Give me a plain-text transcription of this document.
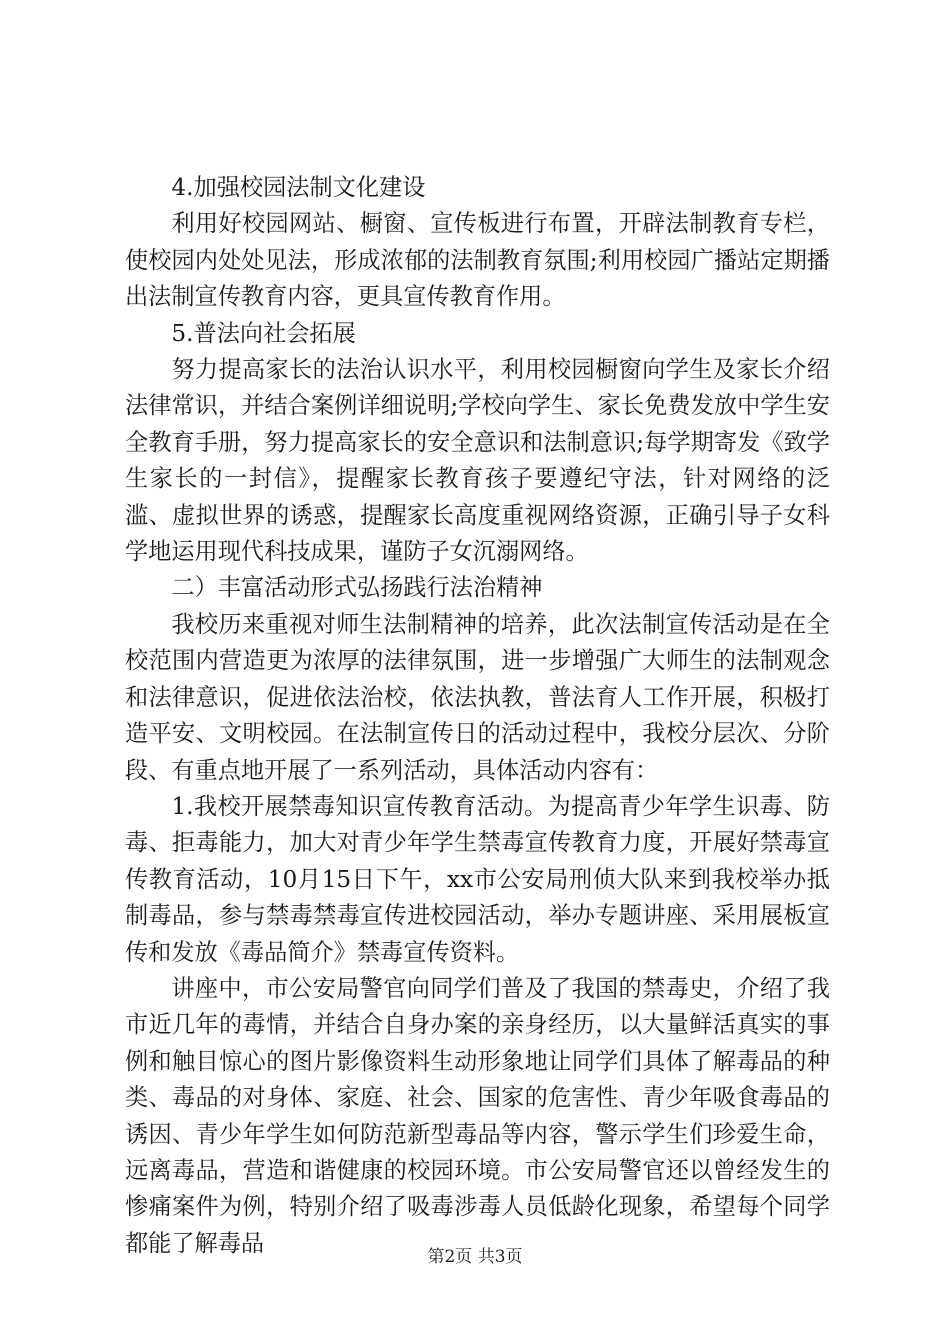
4.加强校园法制文化建设

利用好校园网站、橱窗、宣传板进行布置，开辟法制教育专栏，使校园内处处见法，形成浓郁的法制教育氛围;利用校园广播站定期播出法制宣传教育内容，更具宣传教育作用。

5.普法向社会拓展

努力提高家长的法治认识水平，利用校园橱窗向学生及家长介绍法律常识，并结合案例详细说明;学校向学生、家长免费发放中学生安全教育手册，努力提高家长的安全意识和法制意识;每学期寄发《致学生家长的一封信》，提醒家长教育孩子要遵纪守法，针对网络的泛滥、虚拟世界的诱惑，提醒家长高度重视网络资源，正确引导子女科学地运用现代科技成果，谨防子女沉溺网络。

二）丰富活动形式弘扬践行法治精神

我校历来重视对师生法制精神的培养，此次法制宣传活动是在全校范围内营造更为浓厚的法律氛围，进一步增强广大师生的法制观念和法律意识，促进依法治校，依法执教，普法育人工作开展，积极打造平安、文明校园。在法制宣传日的活动过程中，我校分层次、分阶段、有重点地开展了一系列活动，具体活动内容有：

1.我校开展禁毒知识宣传教育活动。为提高青少年学生识毒、防毒、拒毒能力，加大对青少年学生禁毒宣传教育力度，开展好禁毒宣传教育活动，10月15日下午，xx市公安局刑侦大队来到我校举办抵制毒品，参与禁毒禁毒宣传进校园活动，举办专题讲座、采用展板宣传和发放《毒品简介》禁毒宣传资料。

讲座中，市公安局警官向同学们普及了我国的禁毒史，介绍了我市近几年的毒情，并结合自身办案的亲身经历，以大量鲜活真实的事例和触目惊心的图片影像资料生动形象地让同学们具体了解毒品的种类、毒品的对身体、家庭、社会、国家的危害性、青少年吸食毒品的诱因、青少年学生如何防范新型毒品等内容，警示学生们珍爱生命，远离毒品，营造和谐健康的校园环境。市公安局警官还以曾经发生的惨痛案件为例，特别介绍了吸毒涉毒人员低龄化现象，希望每个同学都能了解毒品

第2页 共3页
